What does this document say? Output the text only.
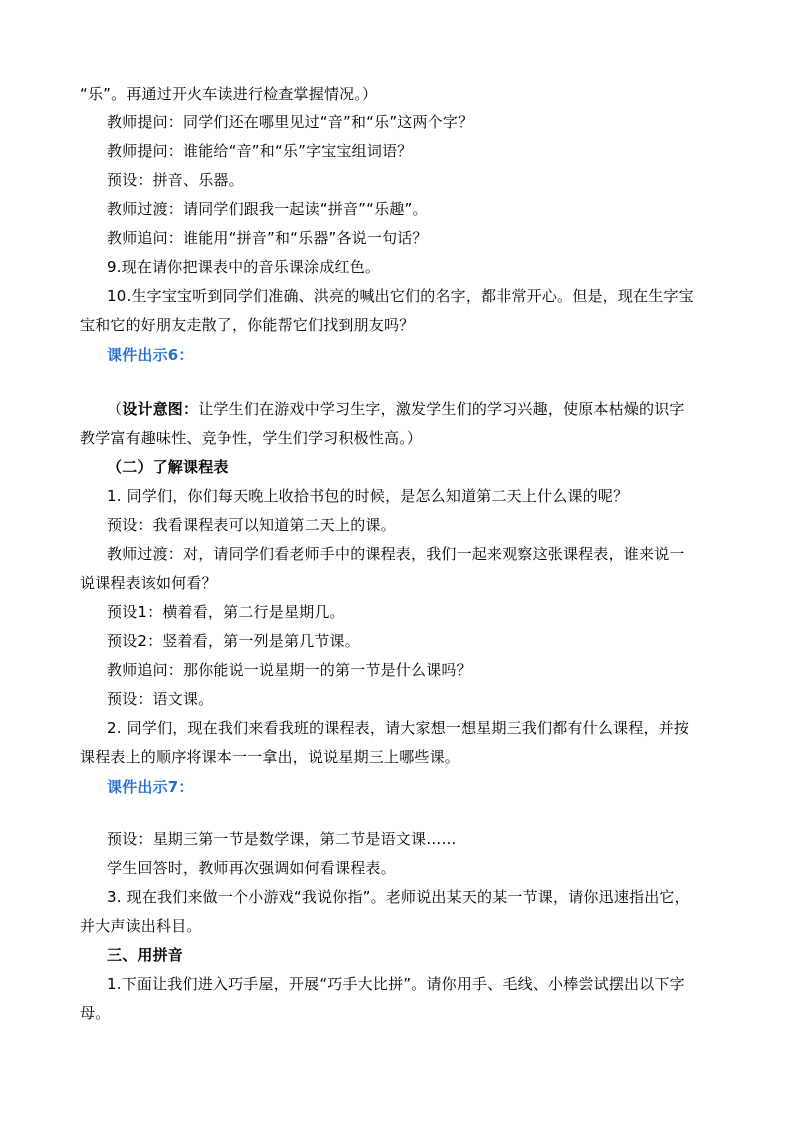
“乐”。再通过开火车读进行检查掌握情况。）
教师提问：同学们还在哪里见过“音”和“乐”这两个字？
教师提问：谁能给“音”和“乐”字宝宝组词语？
预设：拼音、乐器。
教师过渡：请同学们跟我一起读“拼音”“乐趣”。
教师追问：谁能用“拼音”和“乐器”各说一句话？
9.现在请你把课表中的音乐课涂成红色。
10.生字宝宝听到同学们准确、洪亮的喊出它们的名字，都非常开心。但是，现在生字宝
宝和它的好朋友走散了，你能帮它们找到朋友吗？
课件出示6：
（设计意图：让学生们在游戏中学习生字，激发学生们的学习兴趣，使原本枯燥的识字
教学富有趣味性、竞争性，学生们学习积极性高。）
（二）了解课程表
1. 同学们，你们每天晚上收拾书包的时候，是怎么知道第二天上什么课的呢？
预设：我看课程表可以知道第二天上的课。
教师过渡：对，请同学们看老师手中的课程表，我们一起来观察这张课程表，谁来说一
说课程表该如何看？
预设1：横着看，第二行是星期几。
预设2：竖着看，第一列是第几节课。
教师追问：那你能说一说星期一的第一节是什么课吗？
预设：语文课。
2. 同学们，现在我们来看我班的课程表，请大家想一想星期三我们都有什么课程，并按
课程表上的顺序将课本一一拿出，说说星期三上哪些课。
课件出示7：
预设：星期三第一节是数学课，第二节是语文课……
学生回答时，教师再次强调如何看课程表。
3. 现在我们来做一个小游戏“我说你指”。老师说出某天的某一节课，请你迅速指出它，
并大声读出科目。
三、用拼音
1.下面让我们进入巧手屋，开展“巧手大比拼”。请你用手、毛线、小棒尝试摆出以下字
母。
